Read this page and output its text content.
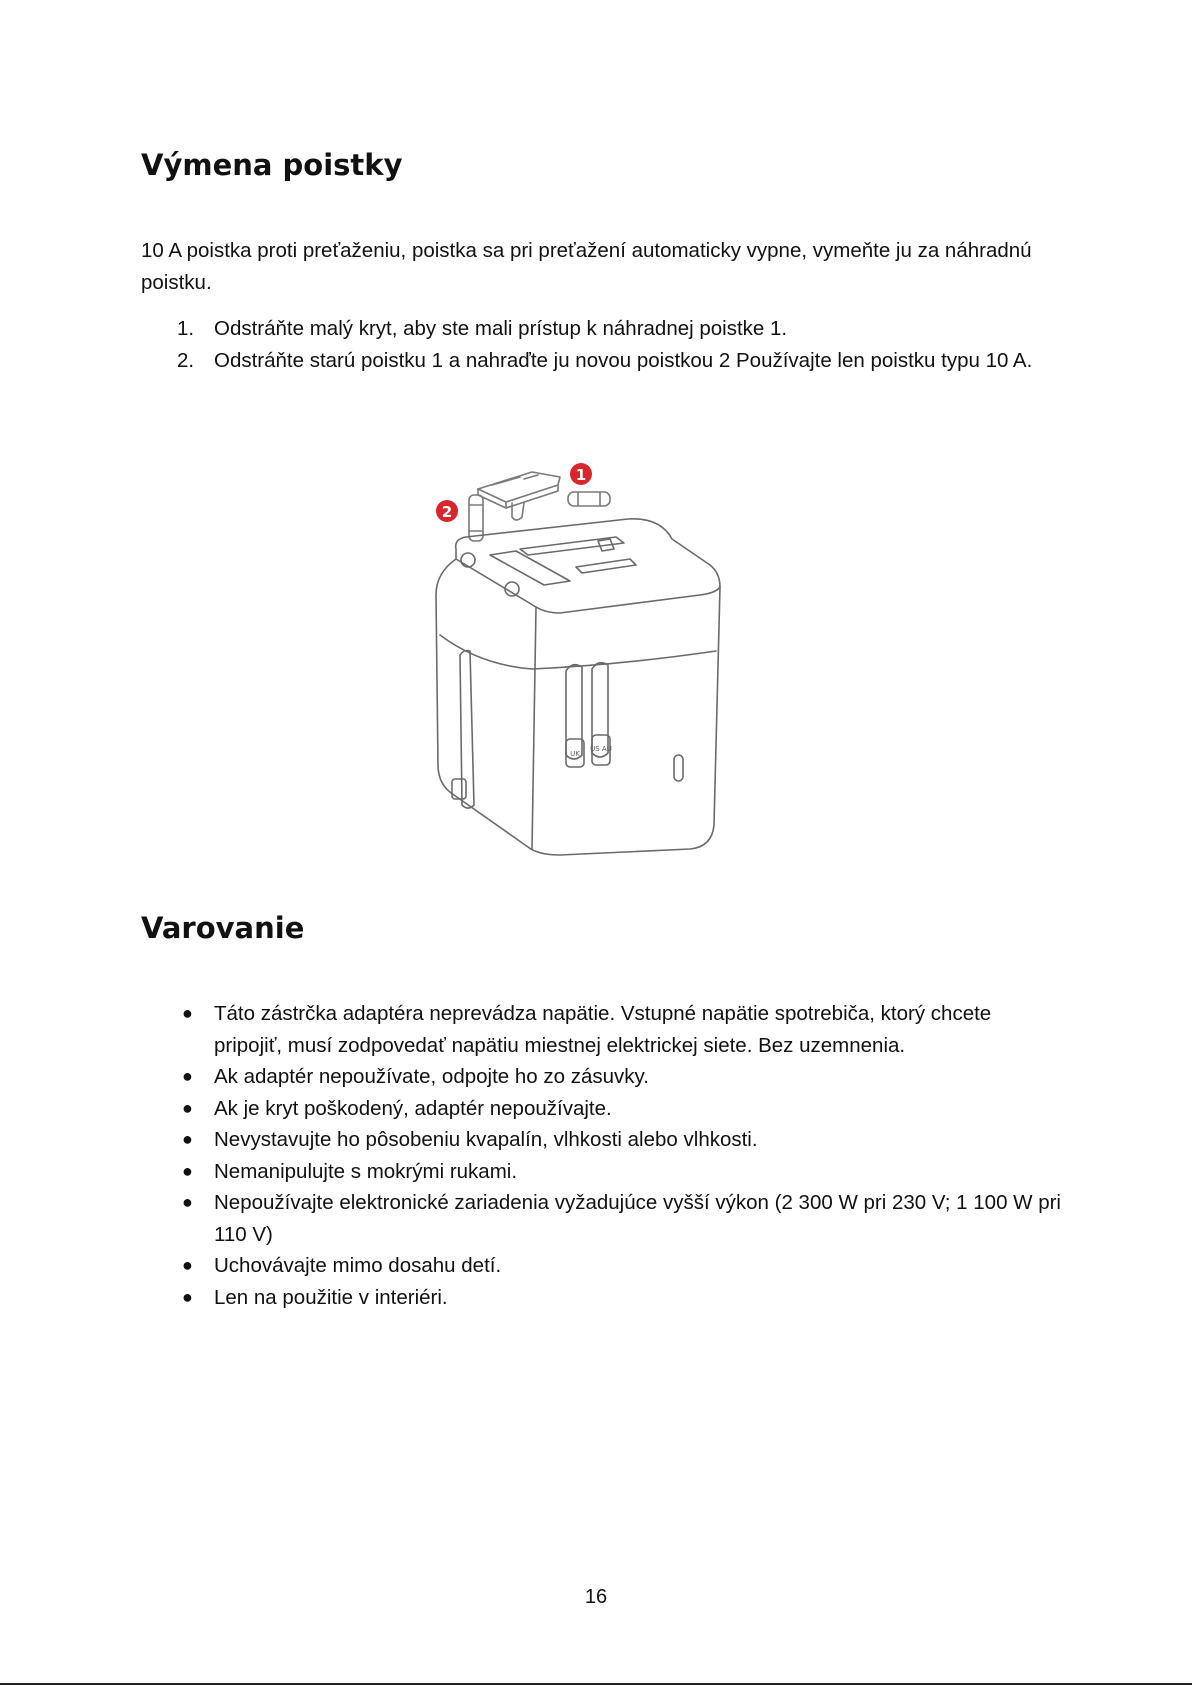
Výmena poistky

10 A poistka proti preťaženiu, poistka sa pri preťažení automaticky vypne, vymeňte ju za náhradnú poistku.

1. Odstráňte malý kryt, aby ste mali prístup k náhradnej poistke 1.
2. Odstráňte starú poistku 1 a nahraďte ju novou poistkou 2 Používajte len poistku typu 10 A.
UK
US AU
1
2
Varovanie
● Táto zástrčka adaptéra neprevádza napätie. Vstupné napätie spotrebiča, ktorý chcete pripojiť, musí zodpovedať napätiu miestnej elektrickej siete. Bez uzemnenia.
● Ak adaptér nepoužívate, odpojte ho zo zásuvky.
● Ak je kryt poškodený, adaptér nepoužívajte.
● Nevystavujte ho pôsobeniu kvapalín, vlhkosti alebo vlhkosti.
● Nemanipulujte s mokrými rukami.
● Nepoužívajte elektronické zariadenia vyžadujúce vyšší výkon (2 300 W pri 230 V; 1 100 W pri 110 V)
● Uchovávajte mimo dosahu detí.
● Len na použitie v interiéri.
16
